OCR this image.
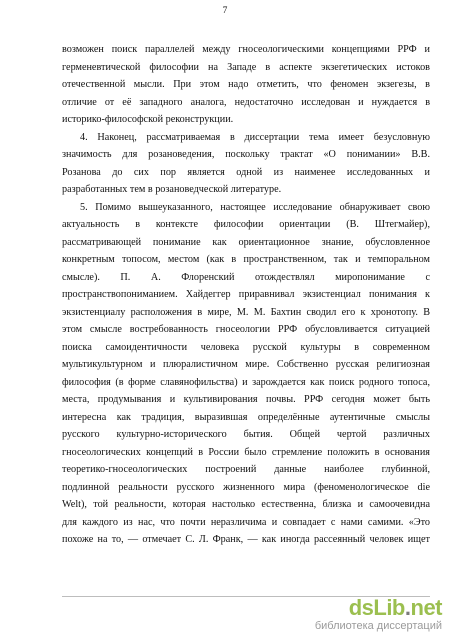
7
возможен поиск параллелей между гносеологическими концепциями РРФ и
герменевтической философии на Западе в аспекте экзегетических истоков
отечественной мысли. При этом надо отметить, что феномен экзегезы, в
отличие от её западного аналога, недостаточно исследован и нуждается в
историко-философской реконструкции.
4. Наконец, рассматриваемая в диссертации тема имеет безусловную
значимость для розановедения, поскольку трактат «О понимании» В.В.
Розанова до сих пор является одной из наименее исследованных и
разработанных тем в розановедческой литературе.
5. Помимо вышеуказанного, настоящее исследование обнаруживает свою
актуальность в контексте философии ориентации (В. Штегмайер),
рассматривающей понимание как ориентационное знание, обусловленное
конкретным топосом, местом (как в пространственном, так и темпоральном
смысле). П. А. Флоренский отождествлял миропонимание с
пространствопониманием. Хайдеггер приравнивал экзистенциал понимания к
экзистенциалу расположения в мире, М. М. Бахтин сводил его к хронотопу. В
этом смысле востребованность гносеологии РРФ обусловливается ситуацией
поиска самоидентичности человека русской культуры в современном
мультикультурном и плюралистичном мире. Собственно русская религиозная
философия (в форме славянофильства) и зарождается как поиск родного топоса,
места, продумывания и культивирования почвы. РРФ сегодня может быть
интересна как традиция, выразившая определённые аутентичные смыслы
русского культурно-исторического бытия. Общей чертой различных
гносеологических концепций в России было стремление положить в основания
теоретико-гносеологических построений данные наиболее глубинной,
подлинной реальности русского жизненного мира (феноменологическое die
Welt), той реальности, которая настолько естественна, близка и самоочевидна
для каждого из нас, что почти неразличима и совпадает с нами самими. «Это
похоже на то, — отмечает С. Л. Франк, — как иногда рассеянный человек ищет
dsLib.net
библиотека диссертаций
